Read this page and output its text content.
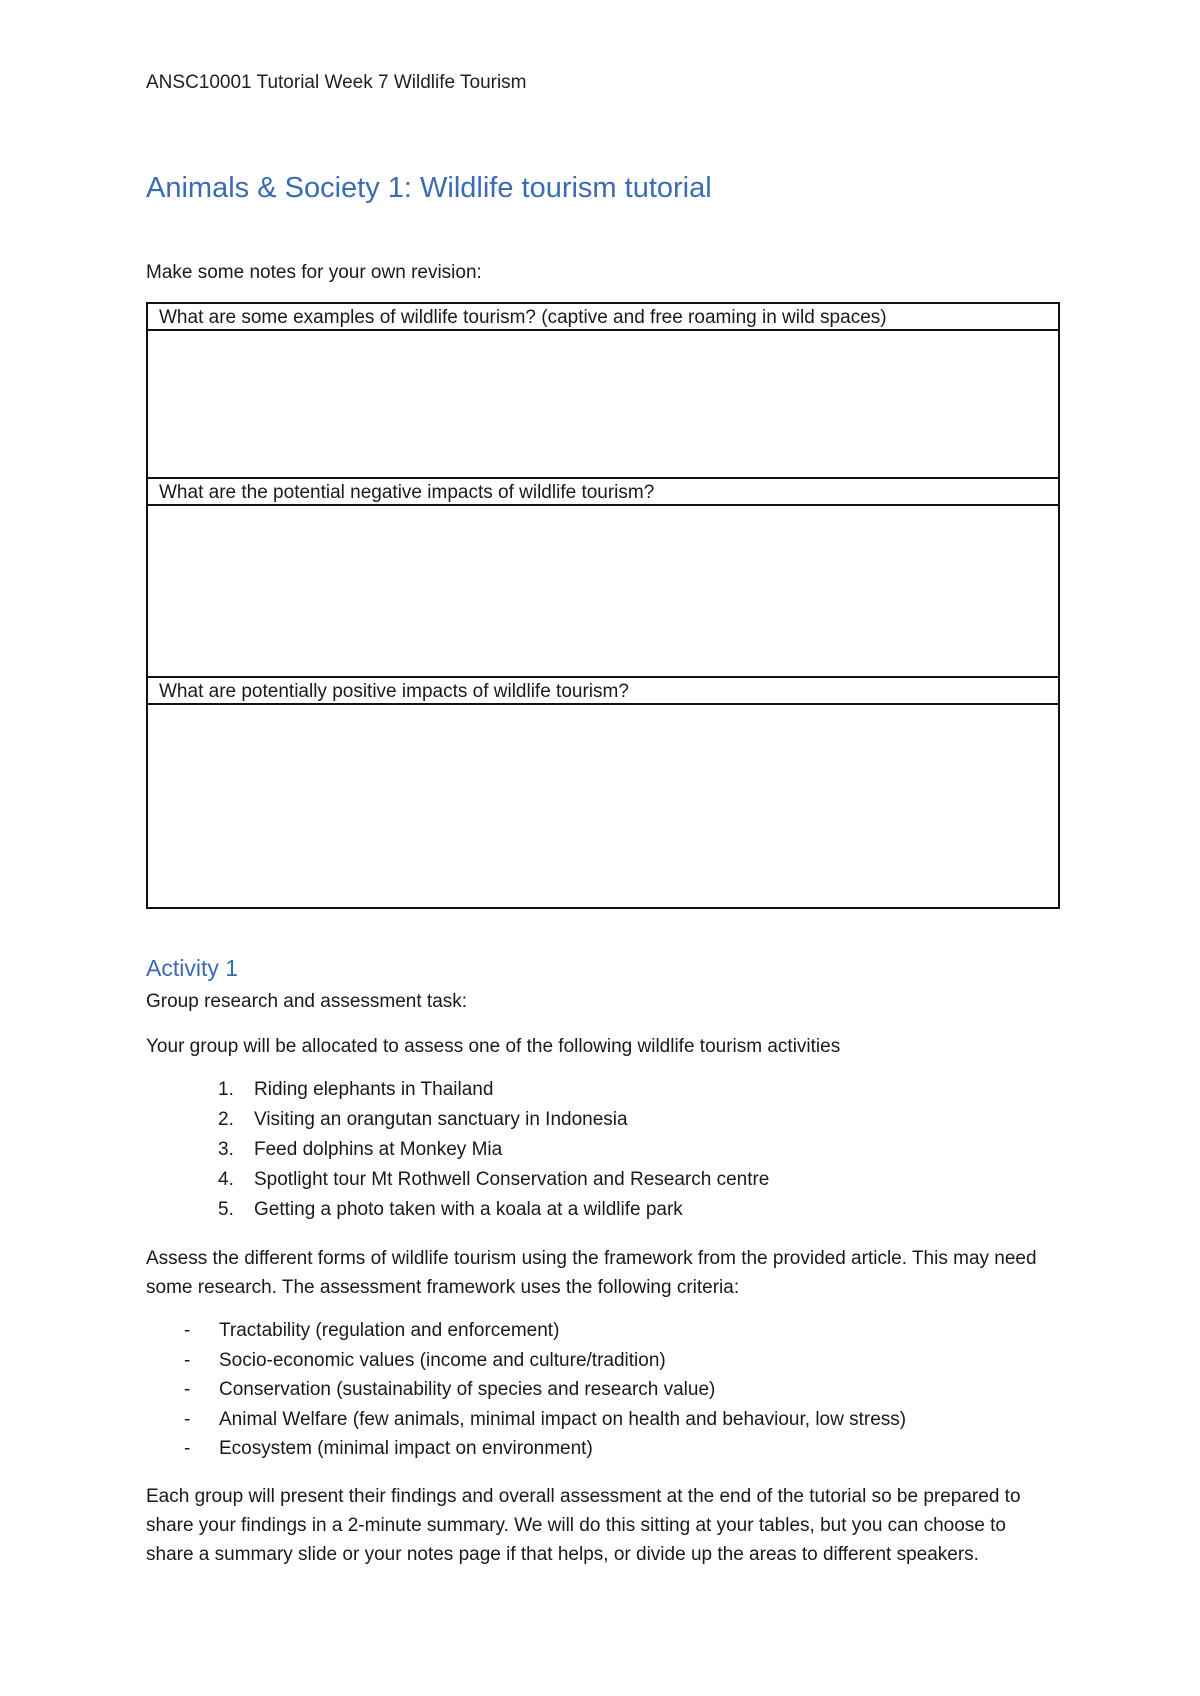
ANSC10001 Tutorial Week 7 Wildlife Tourism
Animals & Society 1: Wildlife tourism tutorial
Make some notes for your own revision:
What are some examples of wildlife tourism? (captive and free roaming in wild spaces)
What are the potential negative impacts of wildlife tourism?
What are potentially positive impacts of wildlife tourism?
Activity 1

Group research and assessment task:

Your group will be allocated to assess one of the following wildlife tourism activities

1. Riding elephants in Thailand
2. Visiting an orangutan sanctuary in Indonesia
3. Feed dolphins at Monkey Mia
4. Spotlight tour Mt Rothwell Conservation and Research centre
5. Getting a photo taken with a koala at a wildlife park

Assess the different forms of wildlife tourism using the framework from the provided article. This may need some research. The assessment framework uses the following criteria:

- Tractability (regulation and enforcement)
- Socio-economic values (income and culture/tradition)
- Conservation (sustainability of species and research value)
- Animal Welfare (few animals, minimal impact on health and behaviour, low stress)
- Ecosystem (minimal impact on environment)

Each group will present their findings and overall assessment at the end of the tutorial so be prepared to share your findings in a 2-minute summary. We will do this sitting at your tables, but you can choose to share a summary slide or your notes page if that helps, or divide up the areas to different speakers.
